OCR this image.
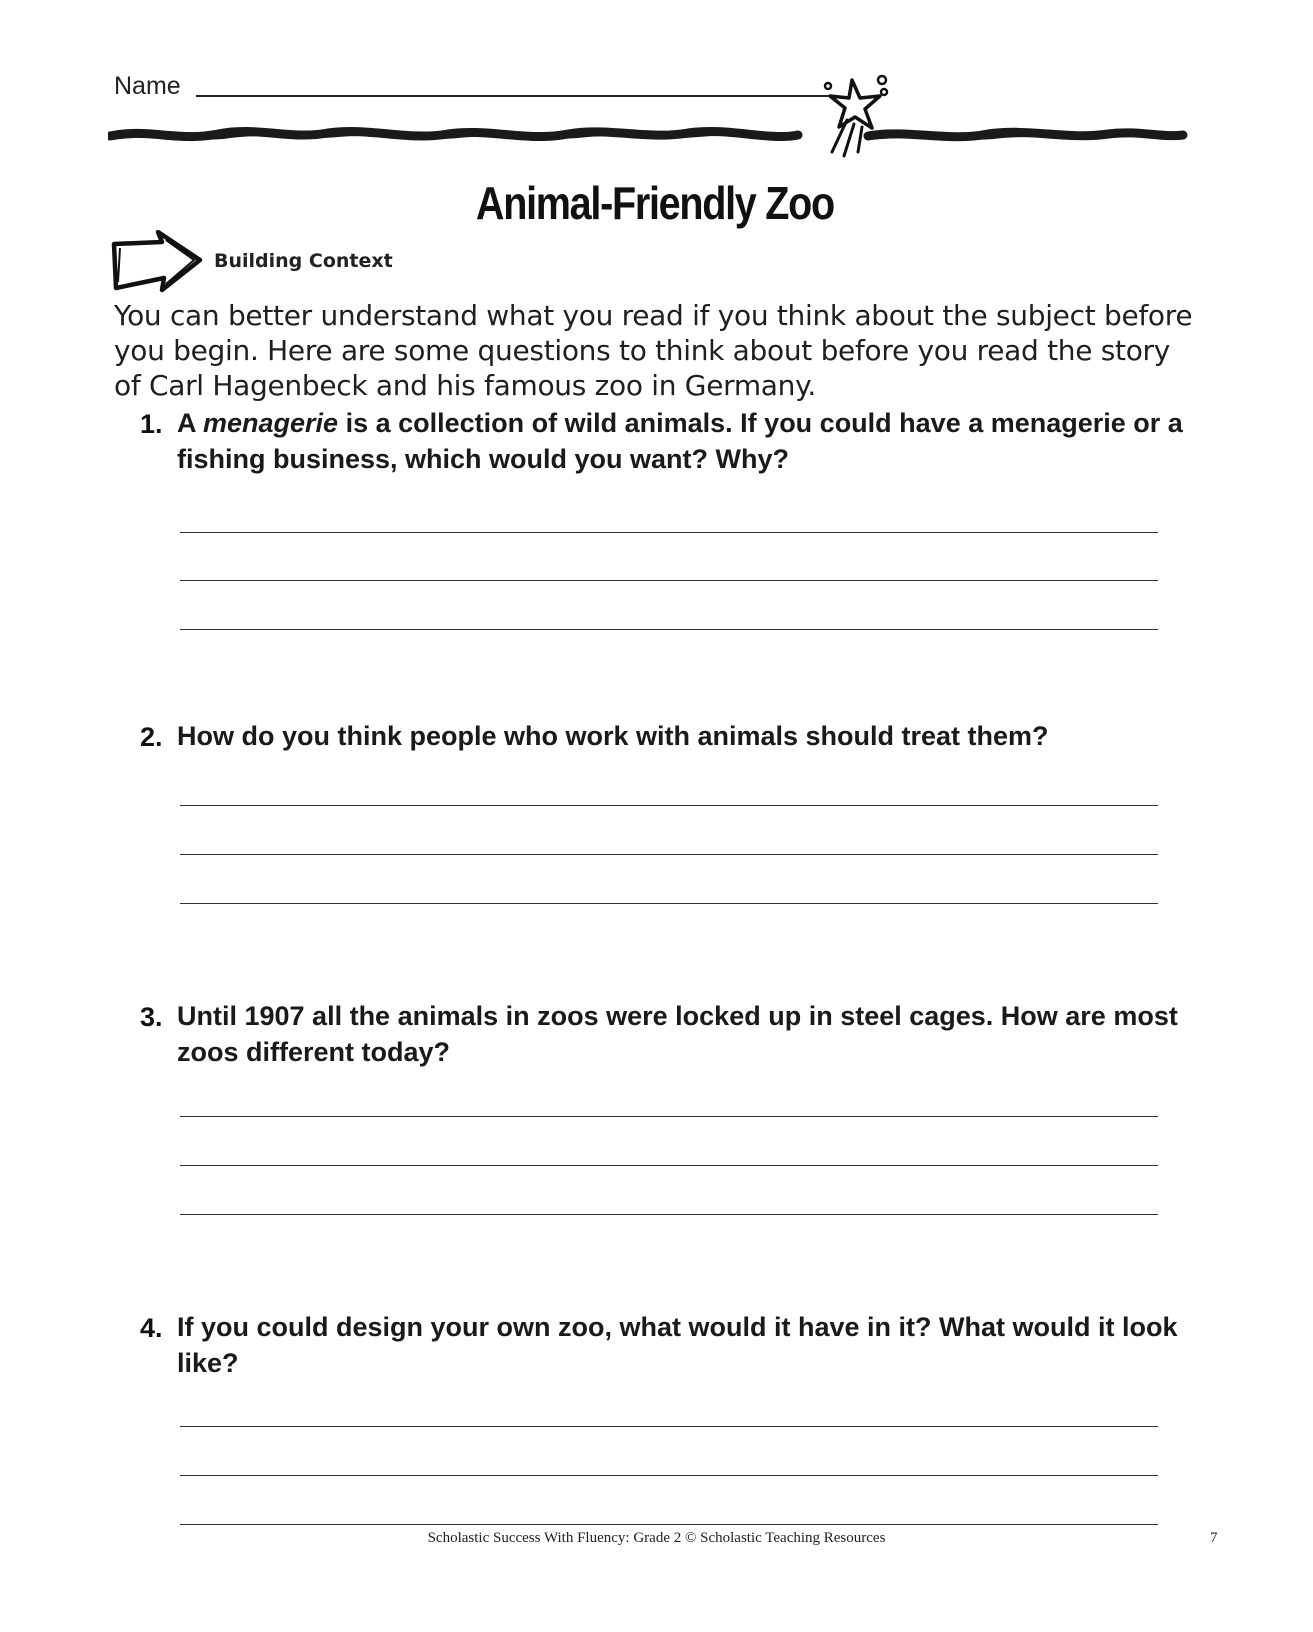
Name
Animal-Friendly Zoo
Building Context
You can better understand what you read if you think about the subject before you begin. Here are some questions to think about before you read the story of Carl Hagenbeck and his famous zoo in Germany.
1. A menagerie is a collection of wild animals. If you could have a menagerie or a fishing business, which would you want? Why?
2. How do you think people who work with animals should treat them?
3. Until 1907 all the animals in zoos were locked up in steel cages. How are most zoos different today?
4. If you could design your own zoo, what would it have in it? What would it look like?
Scholastic Success With Fluency: Grade 2 © Scholastic Teaching Resources	7
